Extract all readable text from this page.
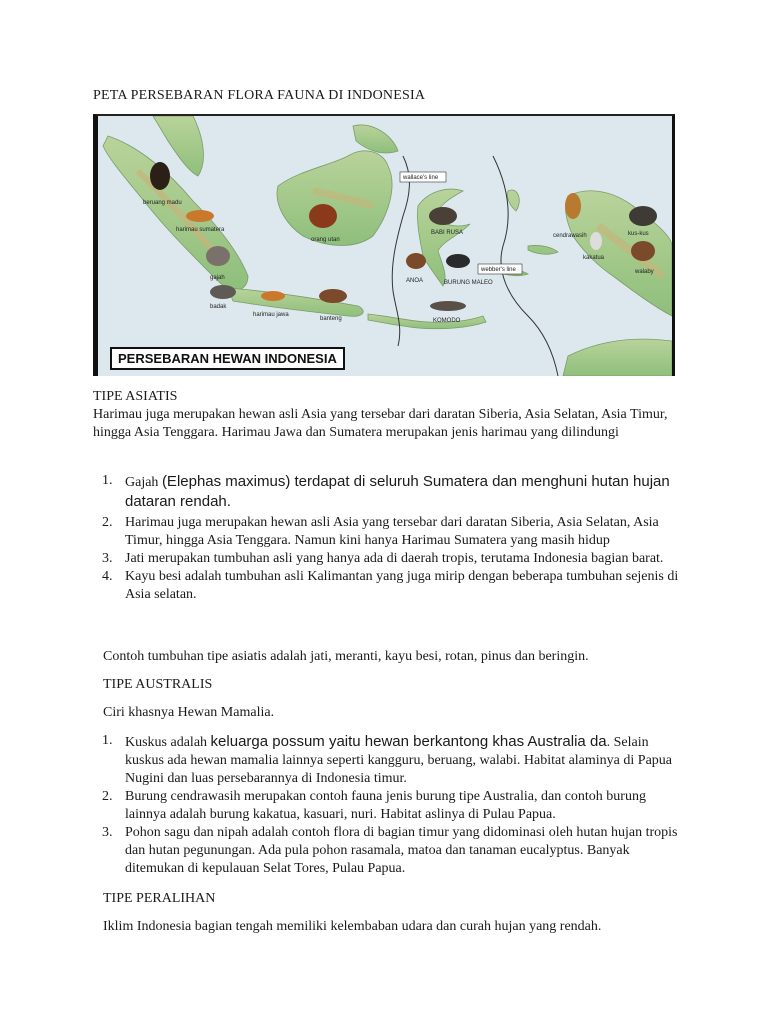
PETA PERSEBARAN FLORA FAUNA DI INDONESIA
wallace's line
webber's line
beruang madu
harimau sumatera
orang utan
gajah
badak
harimau jawa
banteng
BABI RUSA
ANOA	BURUNG MALEO
KOMODO
cendrawasih	kus-kus
kakatua
walaby
PERSEBARAN HEWAN INDONESIA
TIPE ASIATIS
Harimau juga merupakan hewan asli Asia yang tersebar dari daratan Siberia, Asia Selatan, Asia Timur, hingga Asia Tenggara. Harimau Jawa dan Sumatera merupakan jenis harimau yang dilindungi
1. Gajah (Elephas maximus) terdapat di seluruh Sumatera dan menghuni hutan hujan dataran rendah.
2. Harimau juga merupakan hewan asli Asia yang tersebar dari daratan Siberia, Asia Selatan, Asia Timur, hingga Asia Tenggara. Namun kini hanya Harimau Sumatera yang masih hidup
3. Jati merupakan tumbuhan asli yang hanya ada di daerah tropis, terutama Indonesia bagian barat.
4. Kayu besi adalah tumbuhan asli Kalimantan yang juga mirip dengan beberapa tumbuhan sejenis di Asia selatan.
Contoh tumbuhan tipe asiatis adalah jati, meranti, kayu besi, rotan, pinus dan beringin.
TIPE AUSTRALIS
Ciri khasnya Hewan Mamalia.
1. Kuskus adalah keluarga possum yaitu hewan berkantong khas Australia da. Selain kuskus ada hewan mamalia lainnya seperti kangguru, beruang, walabi. Habitat alaminya di Papua Nugini dan luas persebarannya di Indonesia timur.
2. Burung cendrawasih merupakan contoh fauna jenis burung tipe Australia, dan contoh burung lainnya adalah burung kakatua, kasuari, nuri. Habitat aslinya di Pulau Papua.
3. Pohon sagu dan nipah adalah contoh flora di bagian timur yang didominasi oleh hutan hujan tropis dan hutan pegunungan. Ada pula pohon rasamala, matoa dan tanaman eucalyptus. Banyak ditemukan di kepulauan Selat Tores, Pulau Papua.
TIPE PERALIHAN
Iklim Indonesia bagian tengah memiliki kelembaban udara dan curah hujan yang rendah.
